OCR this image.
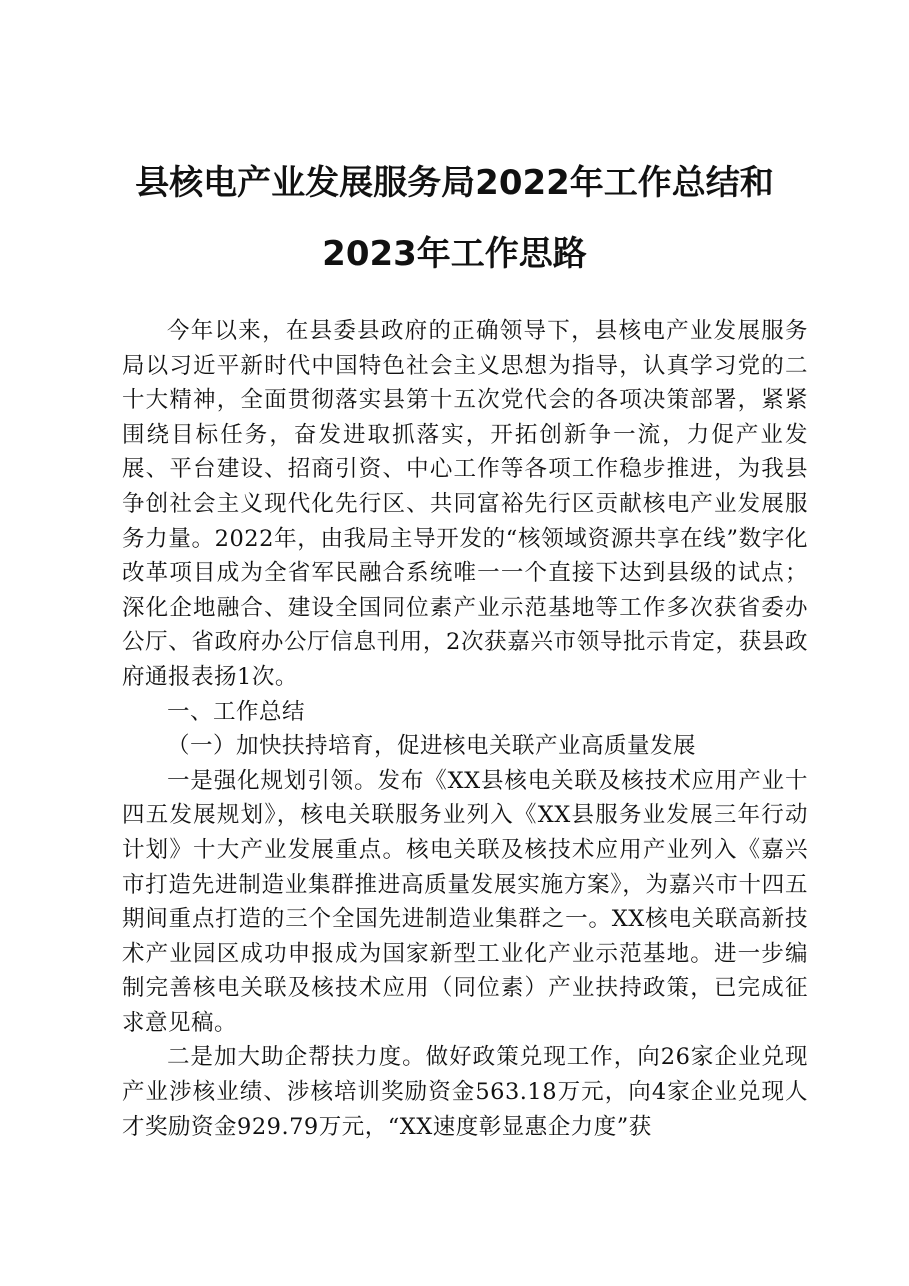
县核电产业发展服务局2022年工作总结和
2023年工作思路

今年以来，在县委县政府的正确领导下，县核电产业发展服务局以习近平新时代中国特色社会主义思想为指导，认真学习党的二十大精神，全面贯彻落实县第十五次党代会的各项决策部署，紧紧围绕目标任务，奋发进取抓落实，开拓创新争一流，力促产业发展、平台建设、招商引资、中心工作等各项工作稳步推进，为我县争创社会主义现代化先行区、共同富裕先行区贡献核电产业发展服务力量。2022年，由我局主导开发的“核领域资源共享在线”数字化改革项目成为全省军民融合系统唯一一个直接下达到县级的试点；深化企地融合、建设全国同位素产业示范基地等工作多次获省委办公厅、省政府办公厅信息刊用，2次获嘉兴市领导批示肯定，获县政府通报表扬1次。

一、工作总结

（一）加快扶持培育，促进核电关联产业高质量发展

一是强化规划引领。发布《XX县核电关联及核技术应用产业十四五发展规划》，核电关联服务业列入《XX县服务业发展三年行动计划》十大产业发展重点。核电关联及核技术应用产业列入《嘉兴市打造先进制造业集群推进高质量发展实施方案》，为嘉兴市十四五期间重点打造的三个全国先进制造业集群之一。XX核电关联高新技术产业园区成功申报成为国家新型工业化产业示范基地。进一步编制完善核电关联及核技术应用（同位素）产业扶持政策，已完成征求意见稿。

二是加大助企帮扶力度。做好政策兑现工作，向26家企业兑现产业涉核业绩、涉核培训奖励资金563.18万元，向4家企业兑现人才奖励资金929.79万元，“XX速度彰显惠企力度”获
